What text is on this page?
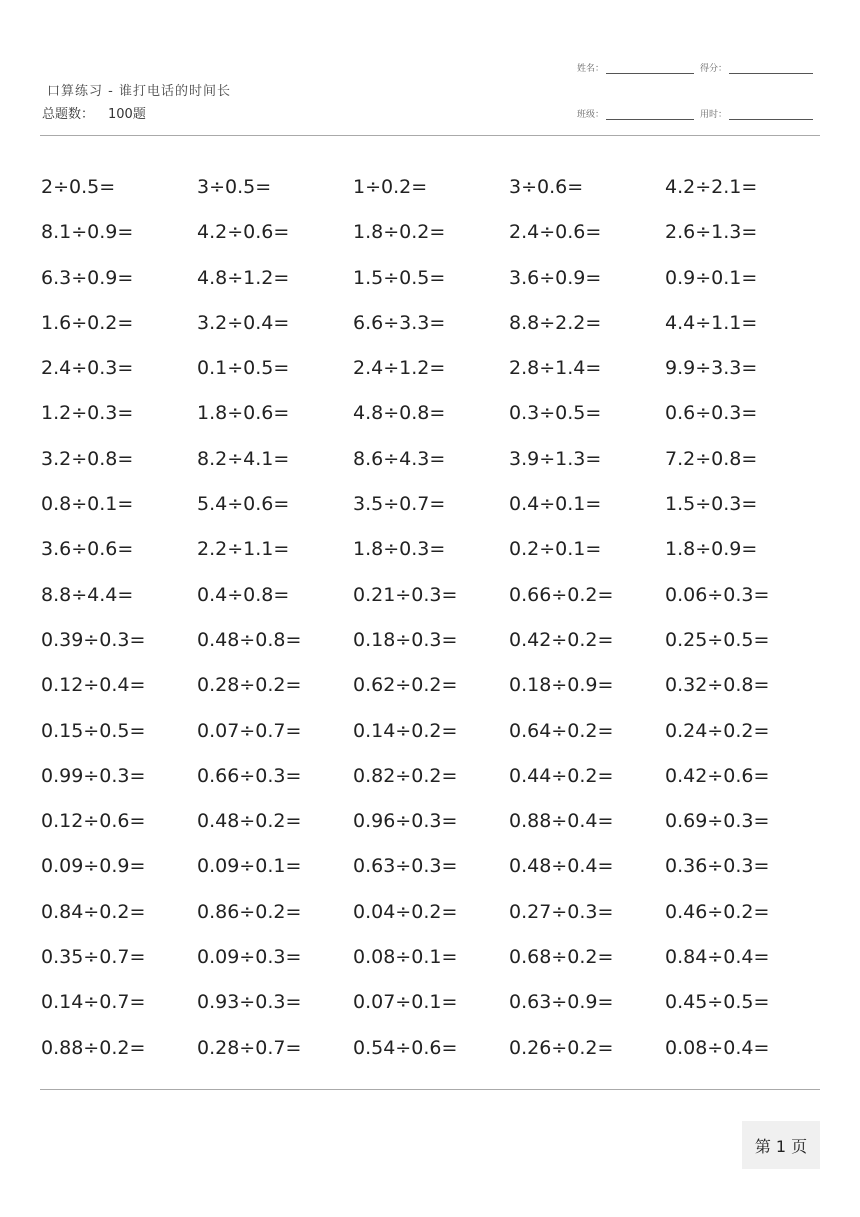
口算练习 - 谁打电话的时间长
总题数： 100题
姓名：	得分：
班级：	用时：
2÷0.5=	3÷0.5=	1÷0.2=	3÷0.6=	4.2÷2.1=
8.1÷0.9=	4.2÷0.6=	1.8÷0.2=	2.4÷0.6=	2.6÷1.3=
6.3÷0.9=	4.8÷1.2=	1.5÷0.5=	3.6÷0.9=	0.9÷0.1=
1.6÷0.2=	3.2÷0.4=	6.6÷3.3=	8.8÷2.2=	4.4÷1.1=
2.4÷0.3=	0.1÷0.5=	2.4÷1.2=	2.8÷1.4=	9.9÷3.3=
1.2÷0.3=	1.8÷0.6=	4.8÷0.8=	0.3÷0.5=	0.6÷0.3=
3.2÷0.8=	8.2÷4.1=	8.6÷4.3=	3.9÷1.3=	7.2÷0.8=
0.8÷0.1=	5.4÷0.6=	3.5÷0.7=	0.4÷0.1=	1.5÷0.3=
3.6÷0.6=	2.2÷1.1=	1.8÷0.3=	0.2÷0.1=	1.8÷0.9=
8.8÷4.4=	0.4÷0.8=	0.21÷0.3=	0.66÷0.2=	0.06÷0.3=
0.39÷0.3=	0.48÷0.8=	0.18÷0.3=	0.42÷0.2=	0.25÷0.5=
0.12÷0.4=	0.28÷0.2=	0.62÷0.2=	0.18÷0.9=	0.32÷0.8=
0.15÷0.5=	0.07÷0.7=	0.14÷0.2=	0.64÷0.2=	0.24÷0.2=
0.99÷0.3=	0.66÷0.3=	0.82÷0.2=	0.44÷0.2=	0.42÷0.6=
0.12÷0.6=	0.48÷0.2=	0.96÷0.3=	0.88÷0.4=	0.69÷0.3=
0.09÷0.9=	0.09÷0.1=	0.63÷0.3=	0.48÷0.4=	0.36÷0.3=
0.84÷0.2=	0.86÷0.2=	0.04÷0.2=	0.27÷0.3=	0.46÷0.2=
0.35÷0.7=	0.09÷0.3=	0.08÷0.1=	0.68÷0.2=	0.84÷0.4=
0.14÷0.7=	0.93÷0.3=	0.07÷0.1=	0.63÷0.9=	0.45÷0.5=
0.88÷0.2=	0.28÷0.7=	0.54÷0.6=	0.26÷0.2=	0.08÷0.4=
第 1 页
